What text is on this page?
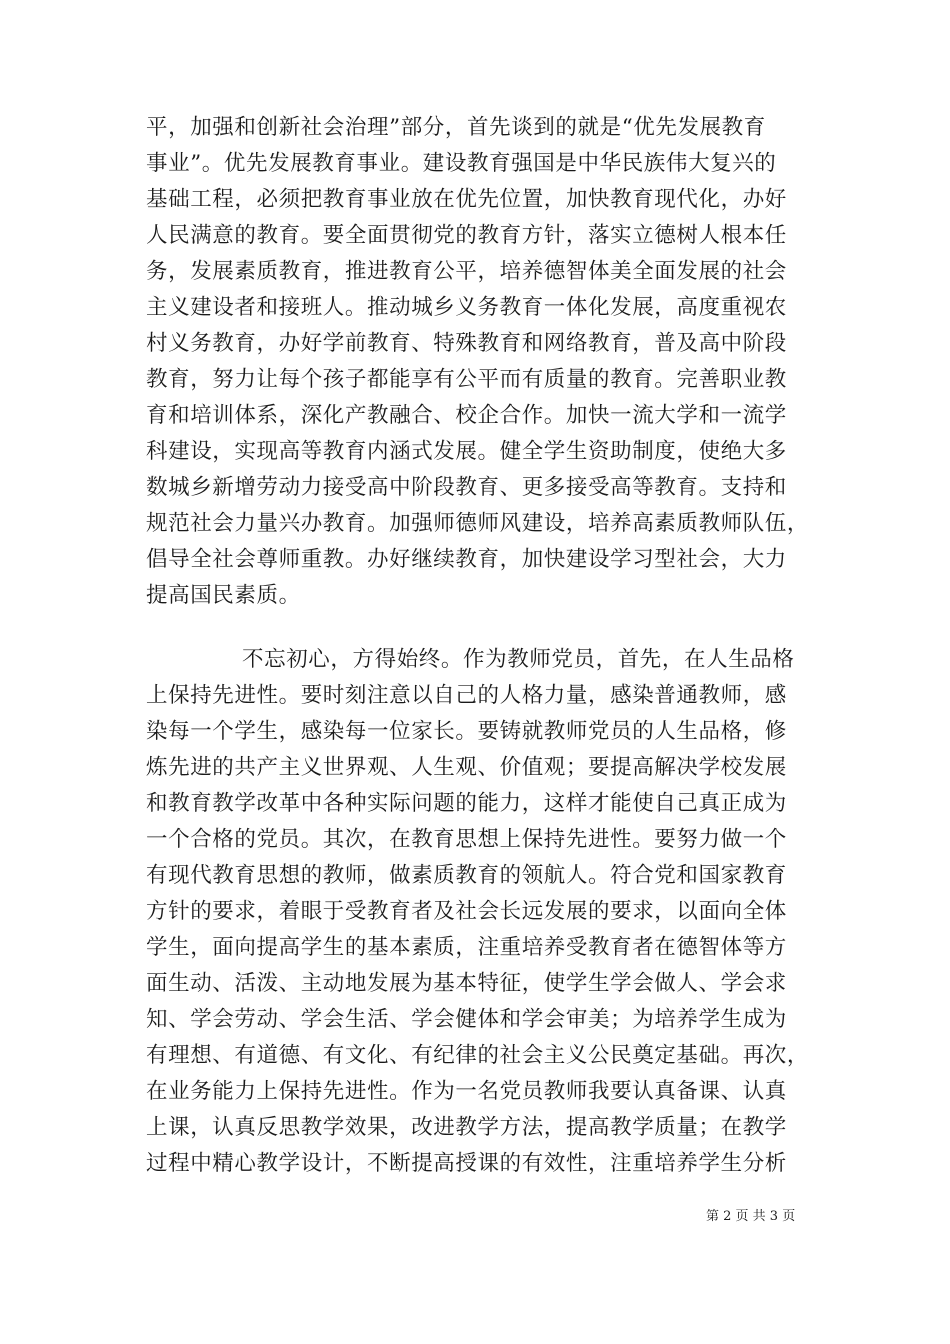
平，加强和创新社会治理”部分，首先谈到的就是“优先发展教育
事业”。优先发展教育事业。建设教育强国是中华民族伟大复兴的
基础工程，必须把教育事业放在优先位置，加快教育现代化，办好
人民满意的教育。要全面贯彻党的教育方针，落实立德树人根本任
务，发展素质教育，推进教育公平，培养德智体美全面发展的社会
主义建设者和接班人。推动城乡义务教育一体化发展，高度重视农
村义务教育，办好学前教育、特殊教育和网络教育，普及高中阶段
教育，努力让每个孩子都能享有公平而有质量的教育。完善职业教
育和培训体系，深化产教融合、校企合作。加快一流大学和一流学
科建设，实现高等教育内涵式发展。健全学生资助制度，使绝大多
数城乡新增劳动力接受高中阶段教育、更多接受高等教育。支持和
规范社会力量兴办教育。加强师德师风建设，培养高素质教师队伍，
倡导全社会尊师重教。办好继续教育，加快建设学习型社会，大力
提高国民素质。
不忘初心，方得始终。作为教师党员，首先，在人生品格
上保持先进性。要时刻注意以自己的人格力量，感染普通教师，感
染每一个学生，感染每一位家长。要铸就教师党员的人生品格，修
炼先进的共产主义世界观、人生观、价值观；要提高解决学校发展
和教育教学改革中各种实际问题的能力，这样才能使自己真正成为
一个合格的党员。其次，在教育思想上保持先进性。要努力做一个
有现代教育思想的教师，做素质教育的领航人。符合党和国家教育
方针的要求，着眼于受教育者及社会长远发展的要求，以面向全体
学生，面向提高学生的基本素质，注重培养受教育者在德智体等方
面生动、活泼、主动地发展为基本特征，使学生学会做人、学会求
知、学会劳动、学会生活、学会健体和学会审美；为培养学生成为
有理想、有道德、有文化、有纪律的社会主义公民奠定基础。再次，
在业务能力上保持先进性。作为一名党员教师我要认真备课、认真
上课，认真反思教学效果，改进教学方法，提高教学质量；在教学
过程中精心教学设计，不断提高授课的有效性，注重培养学生分析
第 2 页 共 3 页
